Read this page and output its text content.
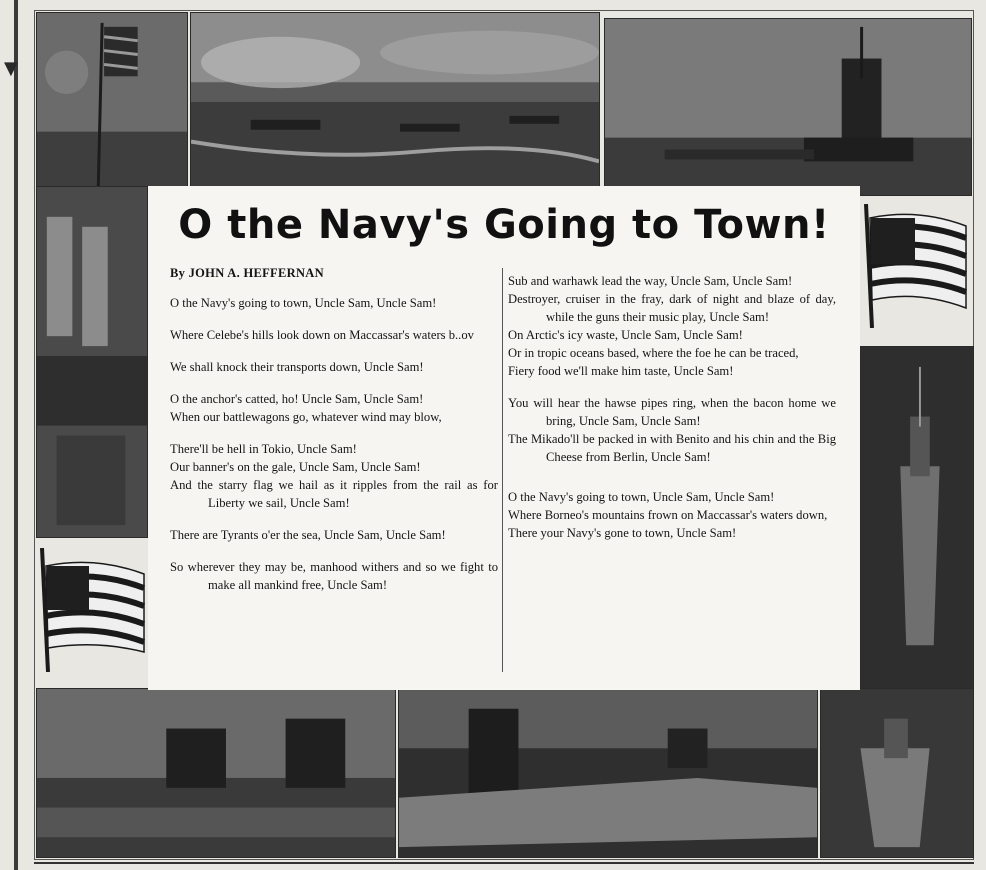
▼
O the Navy's Going to Town!
By JOHN A. HEFFERNAN

O the Navy's going to town, Uncle Sam, Uncle Sam!

Where Celebe's hills look down on Maccassar's waters b..ov

We shall knock their transports down, Uncle Sam!

O the anchor's catted, ho! Uncle Sam, Uncle Sam!

When our battlewagons go, whatever wind may blow,

There'll be hell in Tokio, Uncle Sam!

Our banner's on the gale, Uncle Sam, Uncle Sam!

And the starry flag we hail as it ripples from the rail as for Liberty we sail, Uncle Sam!

There are Tyrants o'er the sea, Uncle Sam, Uncle Sam!

So wherever they may be, manhood withers and so we fight to make all mankind free, Uncle Sam!

Sub and warhawk lead the way, Uncle Sam, Uncle Sam!

Destroyer, cruiser in the fray, dark of night and blaze of day, while the guns their music play, Uncle Sam!

On Arctic's icy waste, Uncle Sam, Uncle Sam!

Or in tropic oceans based, where the foe he can be traced,

Fiery food we'll make him taste, Uncle Sam!

You will hear the hawse pipes ring, when the bacon home we bring, Uncle Sam, Uncle Sam!

The Mikado'll be packed in with Benito and his chin and the Big Cheese from Berlin, Uncle Sam!

O the Navy's going to town, Uncle Sam, Uncle Sam!

Where Borneo's mountains frown on Maccassar's waters down,

There your Navy's gone to town, Uncle Sam!
